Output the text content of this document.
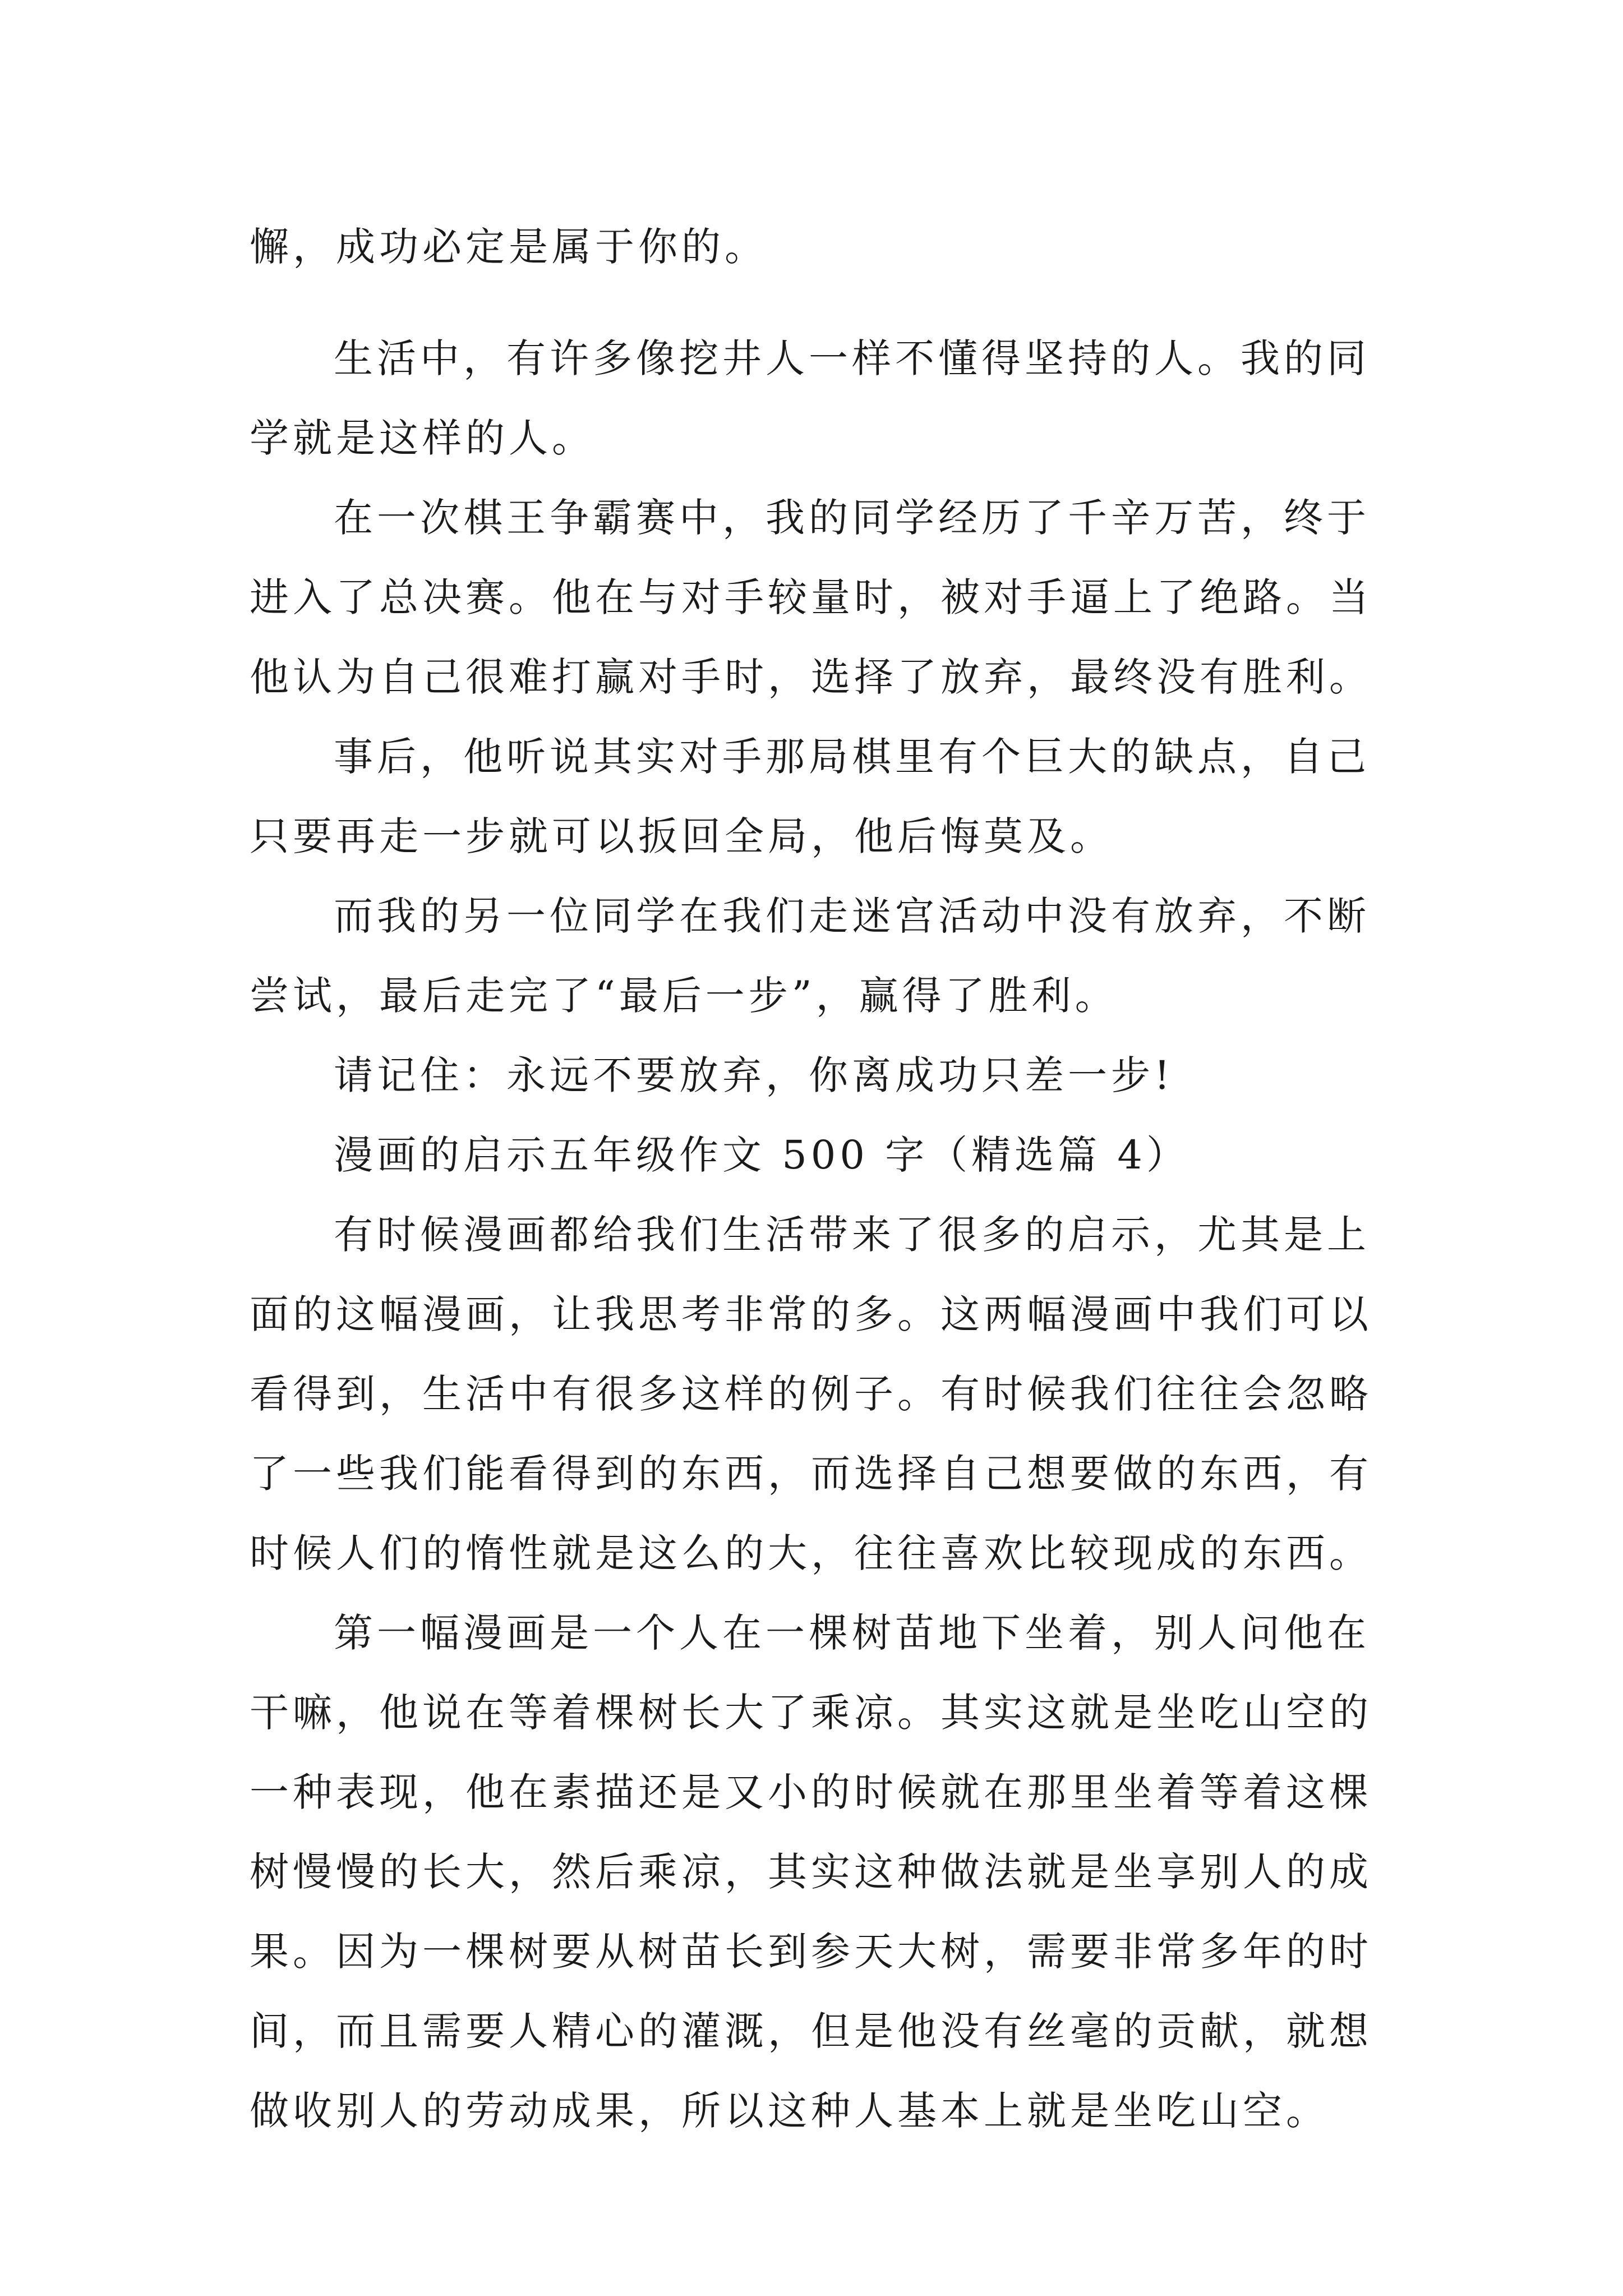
懈，成功必定是属于你的。
生活中，有许多像挖井人一样不懂得坚持的人。我的同
学就是这样的人。
在一次棋王争霸赛中，我的同学经历了千辛万苦，终于
进入了总决赛。他在与对手较量时，被对手逼上了绝路。当
他认为自己很难打赢对手时，选择了放弃，最终没有胜利。
事后，他听说其实对手那局棋里有个巨大的缺点，自己
只要再走一步就可以扳回全局，他后悔莫及。
而我的另一位同学在我们走迷宫活动中没有放弃，不断
尝试，最后走完了“最后一步”，赢得了胜利。
请记住：永远不要放弃，你离成功只差一步!
漫画的启示五年级作文 500 字（精选篇 4）
有时候漫画都给我们生活带来了很多的启示，尤其是上
面的这幅漫画，让我思考非常的多。这两幅漫画中我们可以
看得到，生活中有很多这样的例子。有时候我们往往会忽略
了一些我们能看得到的东西，而选择自己想要做的东西，有
时候人们的惰性就是这么的大，往往喜欢比较现成的东西。
第一幅漫画是一个人在一棵树苗地下坐着，别人问他在
干嘛，他说在等着棵树长大了乘凉。其实这就是坐吃山空的
一种表现，他在素描还是又小的时候就在那里坐着等着这棵
树慢慢的长大，然后乘凉，其实这种做法就是坐享别人的成
果。因为一棵树要从树苗长到参天大树，需要非常多年的时
间，而且需要人精心的灌溉，但是他没有丝毫的贡献，就想
做收别人的劳动成果，所以这种人基本上就是坐吃山空。
